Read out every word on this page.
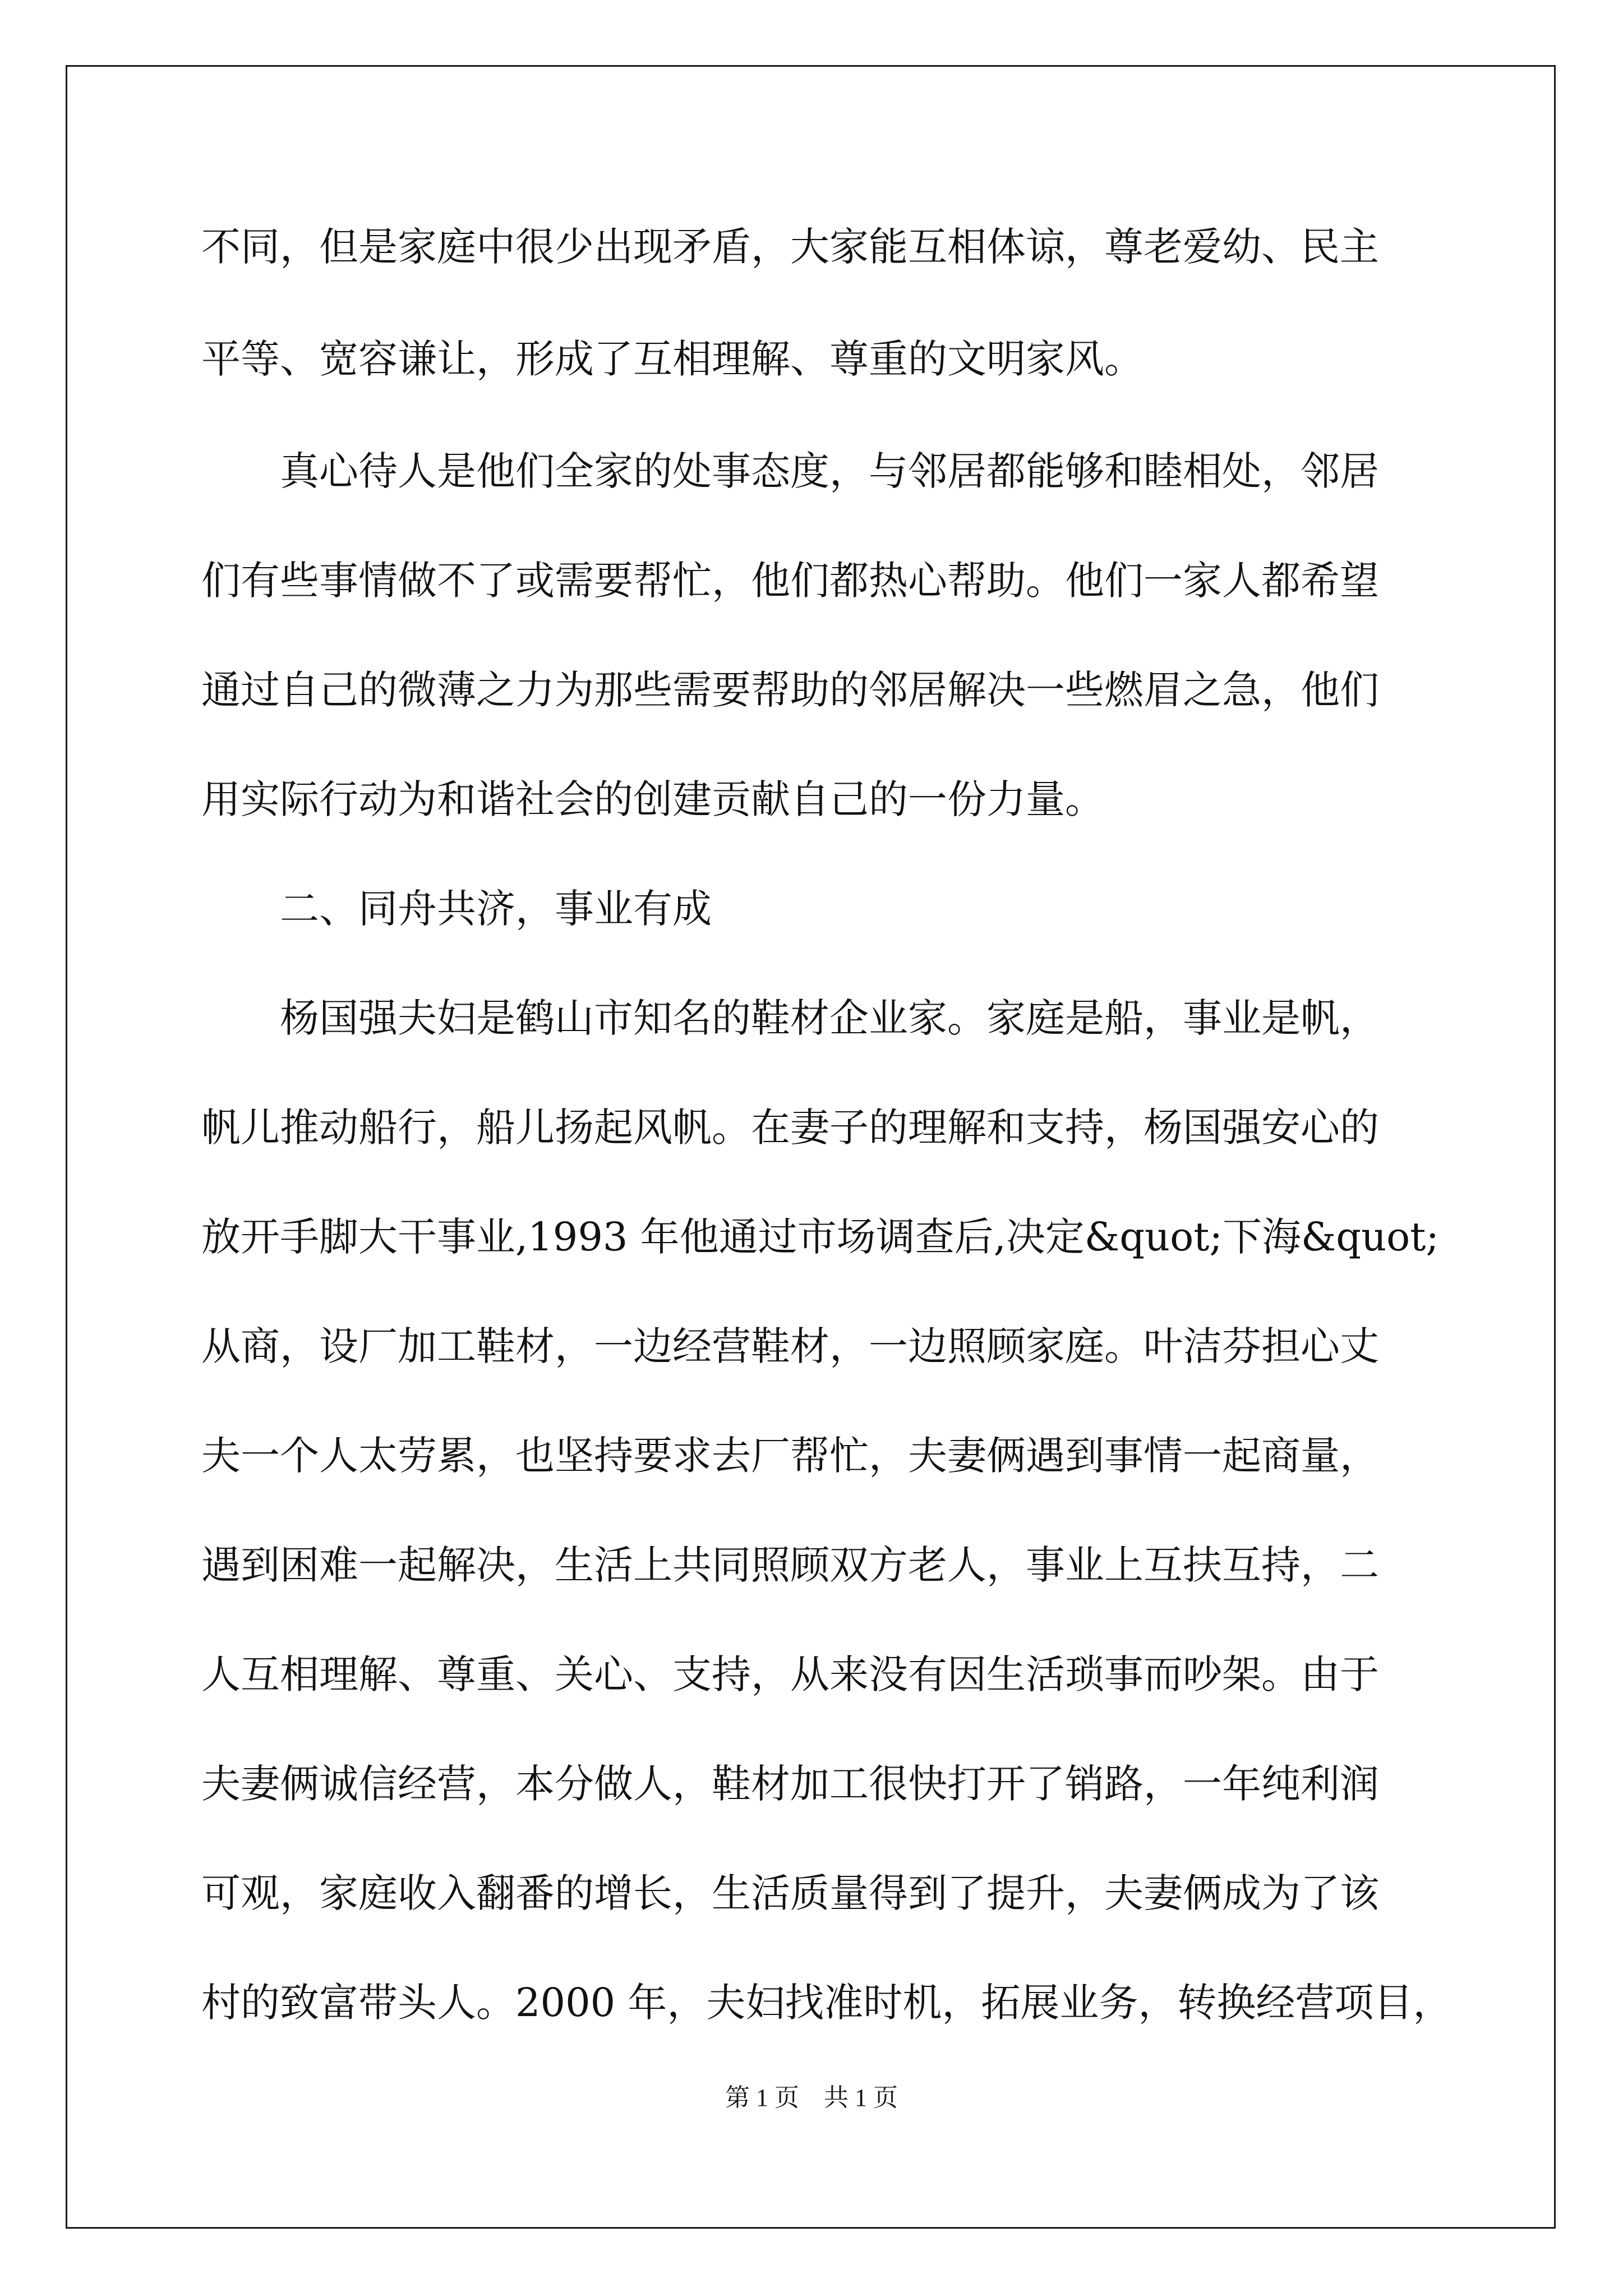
不同，但是家庭中很少出现矛盾，大家能互相体谅，尊老爱幼、民主

平等、宽容谦让，形成了互相理解、尊重的文明家风。

　　真心待人是他们全家的处事态度，与邻居都能够和睦相处，邻居

们有些事情做不了或需要帮忙，他们都热心帮助。他们一家人都希望

通过自己的微薄之力为那些需要帮助的邻居解决一些燃眉之急，他们

用实际行动为和谐社会的创建贡献自己的一份力量。

　　二、同舟共济，事业有成

　　杨国强夫妇是鹤山市知名的鞋材企业家。家庭是船，事业是帆，

帆儿推动船行，船儿扬起风帆。在妻子的理解和支持，杨国强安心的

放开手脚大干事业,1993 年他通过市场调查后,决定&quot;下海&quot;

从商，设厂加工鞋材，一边经营鞋材，一边照顾家庭。叶洁芬担心丈

夫一个人太劳累，也坚持要求去厂帮忙，夫妻俩遇到事情一起商量，

遇到困难一起解决，生活上共同照顾双方老人，事业上互扶互持，二

人互相理解、尊重、关心、支持，从来没有因生活琐事而吵架。由于

夫妻俩诚信经营，本分做人，鞋材加工很快打开了销路，一年纯利润

可观，家庭收入翻番的增长，生活质量得到了提升，夫妻俩成为了该

村的致富带头人。2000 年，夫妇找准时机，拓展业务，转换经营项目，

第 1 页　共 1 页
